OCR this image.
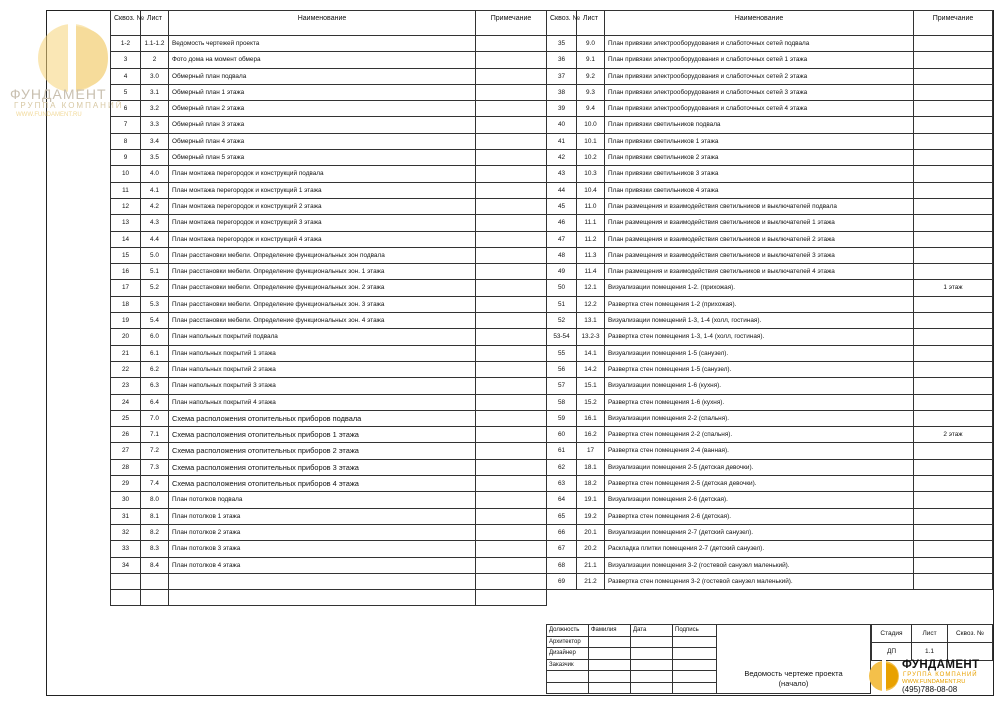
ФУНДАМЕНТ
ГРУППА КОМПАНИЙ
WWW.FUNDAMENT.RU
Сквоз. №	Лист	Наименование	Примечание
1-2	1.1-1.2	Ведомость чертежей проекта	
3	2	Фото дома на момент обмера	
4	3.0	Обмерный план подвала	
5	3.1	Обмерный план 1 этажа	
6	3.2	Обмерный план 2 этажа	
7	3.3	Обмерный план 3 этажа	
8	3.4	Обмерный план 4 этажа	
9	3.5	Обмерный план 5 этажа	
10	4.0	План монтажа перегородок и конструкций подвала	
11	4.1	План монтажа перегородок и конструкций 1 этажа	
12	4.2	План монтажа перегородок и конструкций 2 этажа	
13	4.3	План монтажа перегородок и конструкций 3 этажа	
14	4.4	План монтажа перегородок и конструкций 4 этажа	
15	5.0	План расстановки мебели. Определение функциональных зон подвала	
16	5.1	План расстановки мебели. Определение функциональных зон. 1 этажа	
17	5.2	План расстановки мебели. Определение функциональных зон. 2 этажа	
18	5.3	План расстановки мебели. Определение функциональных зон. 3 этажа	
19	5.4	План расстановки мебели. Определение функциональных зон. 4 этажа	
20	6.0	План напольных покрытий подвала	
21	6.1	План напольных покрытий 1 этажа	
22	6.2	План напольных покрытий 2 этажа	
23	6.3	План напольных покрытий 3 этажа	
24	6.4	План напольных покрытий 4 этажа	
25	7.0	Схема расположения отопительных приборов подвала	
26	7.1	Схема расположения отопительных приборов 1 этажа	
27	7.2	Схема расположения отопительных приборов 2 этажа	
28	7.3	Схема расположения отопительных приборов 3 этажа	
29	7.4	Схема расположения отопительных приборов 4 этажа	
30	8.0	План потолков подвала	
31	8.1	План потолков 1 этажа	
32	8.2	План потолков 2 этажа	
33	8.3	План потолков 3 этажа	
34	8.4	План потолков 4 этажа	

Сквоз. №	Лист	Наименование	Примечание
35	9.0	План привязки электрооборудования и слаботочных сетей подвала	
36	9.1	План привязки электрооборудования и слаботочных сетей 1 этажа	
37	9.2	План привязки электрооборудования и слаботочных сетей 2 этажа	
38	9.3	План привязки электрооборудования и слаботочных сетей 3 этажа	
39	9.4	План привязки электрооборудования и слаботочных сетей 4 этажа	
40	10.0	План привязки светильников подвала	
41	10.1	План привязки светильников 1 этажа	
42	10.2	План привязки светильников 2 этажа	
43	10.3	План привязки светильников 3 этажа	
44	10.4	План привязки светильников 4 этажа	
45	11.0	План размещения и взаимодействия светильников и выключателей подвала	
46	11.1	План размещения и взаимодействия светильников и выключателей 1 этажа	
47	11.2	План размещения и взаимодействия светильников и выключателей 2 этажа	
48	11.3	План размещения и взаимодействия светильников и выключателей 3 этажа	
49	11.4	План размещения и взаимодействия светильников и выключателей 4 этажа	
50	12.1	Визуализации помещения 1-2. (прихожая).	1 этаж
51	12.2	Развертка стен помещения 1-2 (прихожая).	
52	13.1	Визуализации помещений 1-3, 1-4 (холл, гостиная).	
53-54	13.2-3	Развертка стен помещения 1-3, 1-4 (холл, гостиная).	
55	14.1	Визуализации помещения 1-5 (санузел).	
56	14.2	Развертка стен помещения 1-5 (санузел).	
57	15.1	Визуализации помещения 1-6 (кухня).	
58	15.2	Развертка стен помещения 1-6 (кухня).	
59	16.1	Визуализации помещения 2-2 (спальня).	
60	16.2	Развертка стен помещения 2-2 (спальня).	2 этаж
61	17	Развертка стен помещения 2-4 (ванная).	
62	18.1	Визуализации помещения 2-5 (детская девочки).	
63	18.2	Развертка стен помещения 2-5 (детская девочки).	
64	19.1	Визуализации помещения 2-6 (детская).	
65	19.2	Развертка стен помещения 2-6 (детская).	
66	20.1	Визуализации помещения 2-7 (детский санузел).	
67	20.2	Раскладка плитки помещения 2-7 (детский санузел).	
68	21.1	Визуализации помещения 3-2 (гостевой санузел маленький).	
69	21.2	Развертка стен помещения 3-2 (гостевой санузел маленький).	
Должность	Фамилия	Дата	Подпись
Архитектор			
Дизайнер			
Заказчик			

Ведомость чертеже проекта
(начало)
Стадия	Лист	Сквоз. №
ДП	1.1	
ФУНДАМЕНТ
ГРУППА КОМПАНИЙ
WWW.FUNDAMENT.RU
(495)788-08-08
